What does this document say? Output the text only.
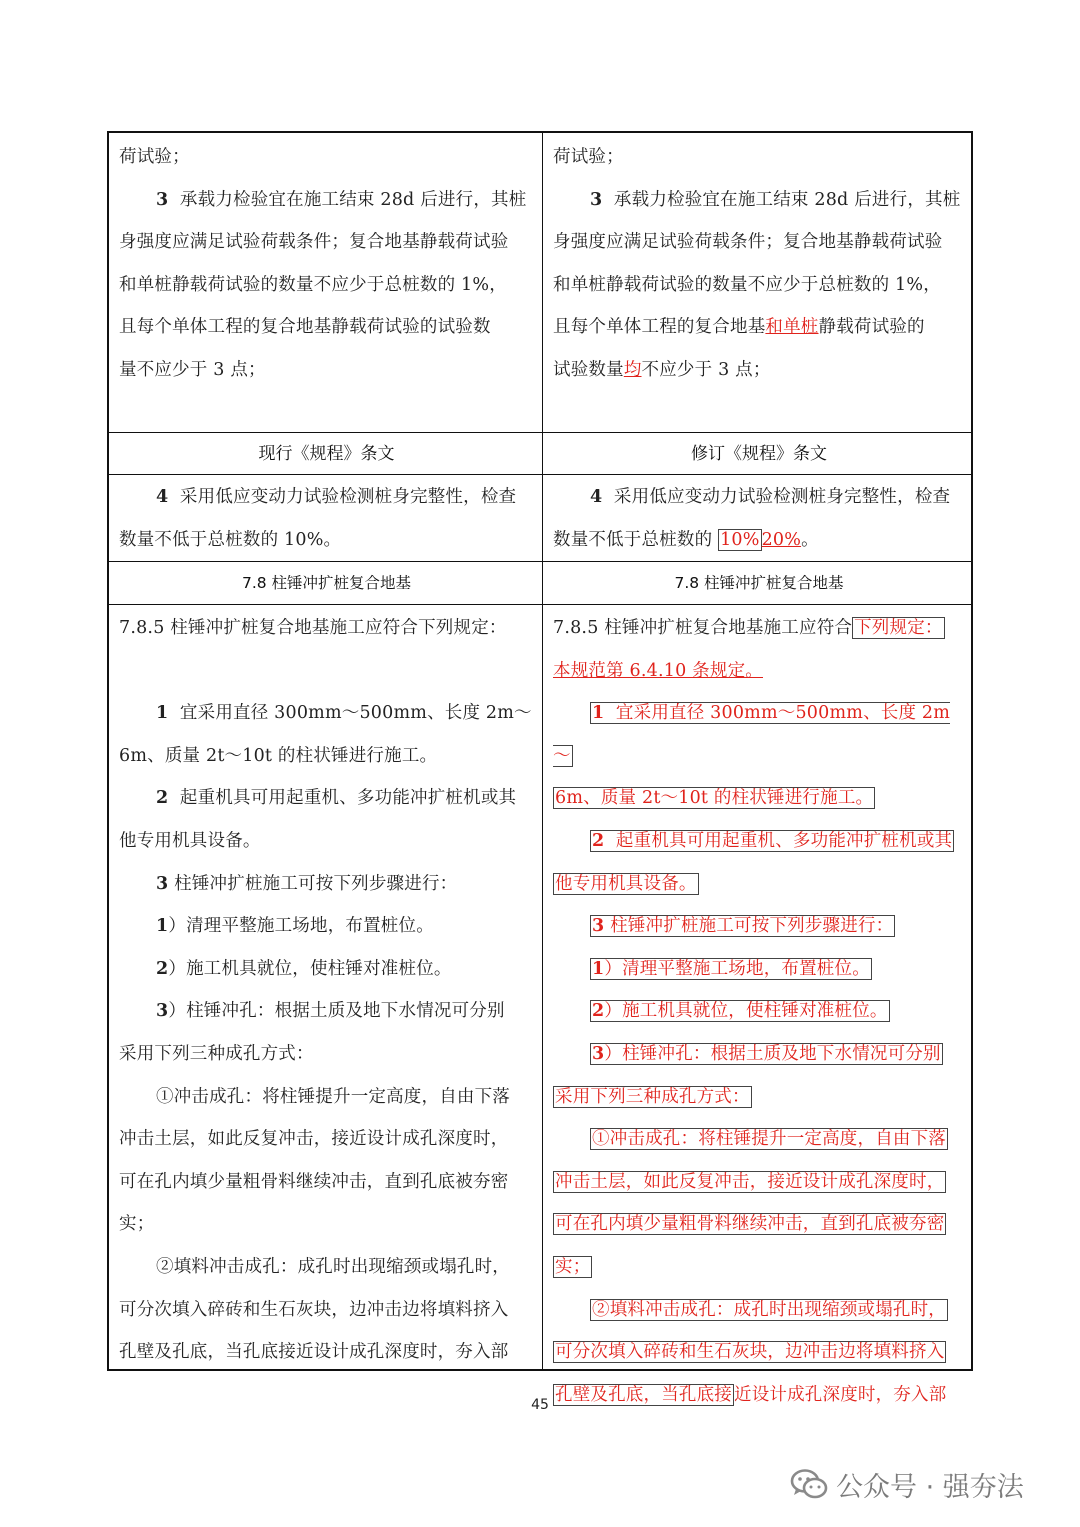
荷试验；

3 承载力检验宜在施工结束 28d 后进行，其桩

身强度应满足试验荷载条件；复合地基静载荷试验

和单桩静载荷试验的数量不应少于总桩数的 1%，

且每个单体工程的复合地基静载荷试验的试验数

量不应少于 3 点；

荷试验；

3 承载力检验宜在施工结束 28d 后进行，其桩

身强度应满足试验荷载条件；复合地基静载荷试验

和单桩静载荷试验的数量不应少于总桩数的 1%，

且每个单体工程的复合地基和单桩静载荷试验的

试验数量均不应少于 3 点；

现行《规程》条文	修订《规程》条文

4 采用低应变动力试验检测桩身完整性，检查

数量不低于总桩数的 10%。

4 采用低应变动力试验检测桩身完整性，检查

数量不低于总桩数的 10% 20%。

7.8 柱锤冲扩桩复合地基	7.8 柱锤冲扩桩复合地基

7.8.5 柱锤冲扩桩复合地基施工应符合下列规定：

1 宜采用直径 300mm～500mm、长度 2m～

6m、质量 2t～10t 的柱状锤进行施工。

2 起重机具可用起重机、多功能冲扩桩机或其

他专用机具设备。

3 柱锤冲扩桩施工可按下列步骤进行：

1）清理平整施工场地，布置桩位。

2）施工机具就位，使柱锤对准桩位。

3）柱锤冲孔：根据土质及地下水情况可分别

采用下列三种成孔方式：

①冲击成孔：将柱锤提升一定高度，自由下落

冲击土层，如此反复冲击，接近设计成孔深度时，

可在孔内填少量粗骨料继续冲击，直到孔底被夯密

实；

②填料冲击成孔：成孔时出现缩颈或塌孔时，

可分次填入碎砖和生石灰块，边冲击边将填料挤入

孔壁及孔底，当孔底接近设计成孔深度时，夯入部

7.8.5 柱锤冲扩桩复合地基施工应符合 下列规定：

本规范第 6.4.10 条规定。

1 宜采用直径 300mm～500mm、长度 2m～

6m、质量 2t～10t 的柱状锤进行施工。

2 起重机具可用起重机、多功能冲扩桩机或其

他专用机具设备。

3 柱锤冲扩桩施工可按下列步骤进行：

1）清理平整施工场地，布置桩位。

2）施工机具就位，使柱锤对准桩位。

3）柱锤冲孔：根据土质及地下水情况可分别

采用下列三种成孔方式：

①冲击成孔：将柱锤提升一定高度，自由下落

冲击土层，如此反复冲击，接近设计成孔深度时，

可在孔内填少量粗骨料继续冲击，直到孔底被夯密

实；

②填料冲击成孔：成孔时出现缩颈或塌孔时，

可分次填入碎砖和生石灰块，边冲击边将填料挤入

孔壁及孔底，当孔底接 近设计成孔深度时，夯入部

45
公众号 · 强夯法
